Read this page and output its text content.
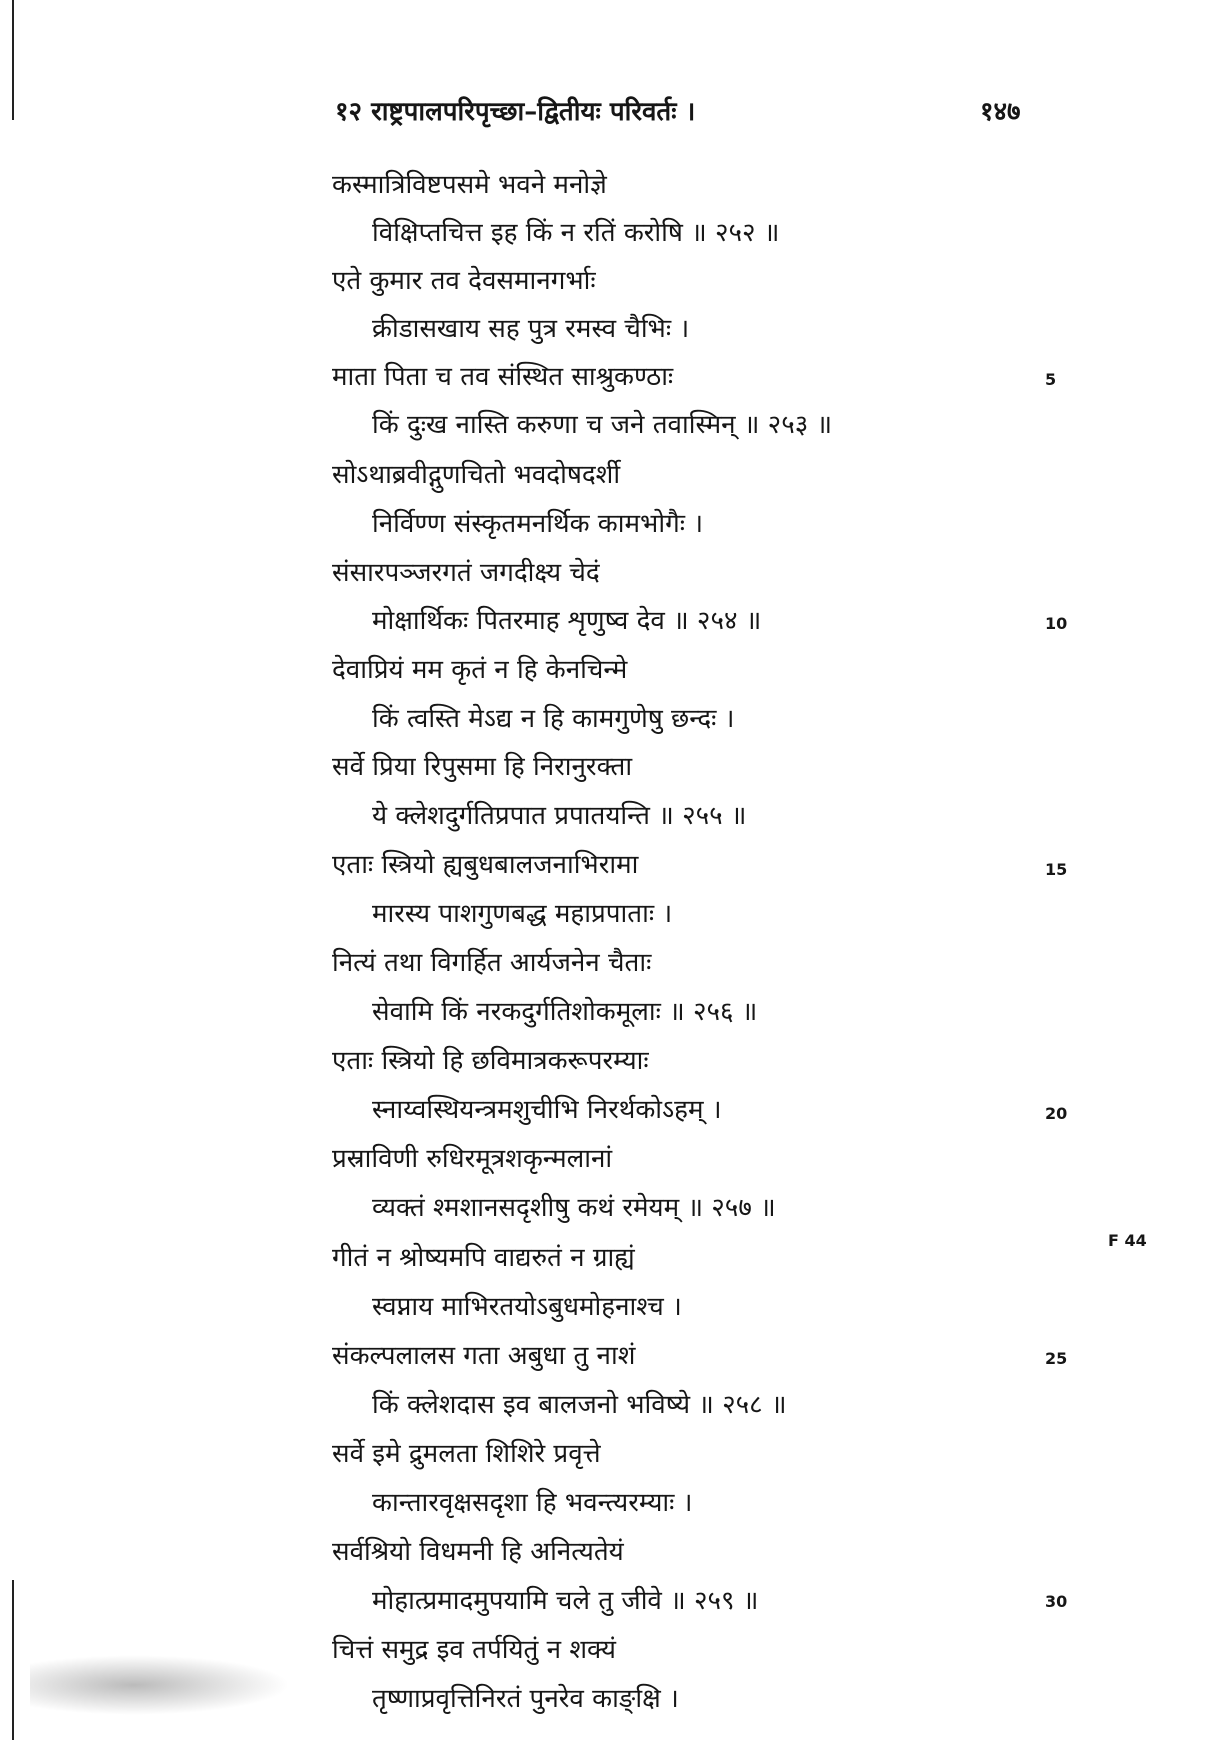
१२ राष्ट्रपालपरिपृच्छा–द्वितीयः परिवर्तः ।	१४७
कस्मात्रिविष्टपसमे भवने मनोज्ञे
विक्षिप्तचित्त इह किं न रतिं करोषि ॥ २५२ ॥
एते कुमार तव देवसमानगर्भाः
क्रीडासखाय सह पुत्र रमस्व चैभिः ।
माता पिता च तव संस्थित साश्रुकण्ठाः
किं दुःख नास्ति करुणा च जने तवास्मिन् ॥ २५३ ॥
सोऽथाब्रवीद्गुणचितो भवदोषदर्शी
निर्विण्ण संस्कृतमनर्थिक कामभोगैः ।
संसारपञ्जरगतं जगदीक्ष्य चेदं
मोक्षार्थिकः पितरमाह शृणुष्व देव ॥ २५४ ॥
देवाप्रियं मम कृतं न हि केनचिन्मे
किं त्वस्ति मेऽद्य न हि कामगुणेषु छन्दः ।
सर्वे प्रिया रिपुसमा हि निरानुरक्ता
ये क्लेशदुर्गतिप्रपात प्रपातयन्ति ॥ २५५ ॥
एताः स्त्रियो ह्यबुधबालजनाभिरामा
मारस्य पाशगुणबद्ध महाप्रपाताः ।
नित्यं तथा विगर्हित आर्यजनेन चैताः
सेवामि किं नरकदुर्गतिशोकमूलाः ॥ २५६ ॥
एताः स्त्रियो हि छविमात्रकरूपरम्याः
स्नाय्वस्थियन्त्रमशुचीभि निरर्थकोऽहम् ।
प्रस्राविणी रुधिरमूत्रशकृन्मलानां
व्यक्तं श्मशानसदृशीषु कथं रमेयम् ॥ २५७ ॥
गीतं न श्रोष्यमपि वाद्यरुतं न ग्राह्यं
स्वप्नाय माभिरतयोऽबुधमोहनाश्च ।
संकल्पलालस गता अबुधा तु नाशं
किं क्लेशदास इव बालजनो भविष्ये ॥ २५८ ॥
सर्वे इमे द्रुमलता शिशिरे प्रवृत्ते
कान्तारवृक्षसदृशा हि भवन्त्यरम्याः ।
सर्वश्रियो विधमनी हि अनित्यतेयं
मोहात्प्रमादमुपयामि चले तु जीवे ॥ २५९ ॥
चित्तं समुद्र इव तर्पयितुं न शक्यं
तृष्णाप्रवृत्तिनिरतं पुनरेव काङ्क्षि ।
5
10
15
20
25
30
F 44
